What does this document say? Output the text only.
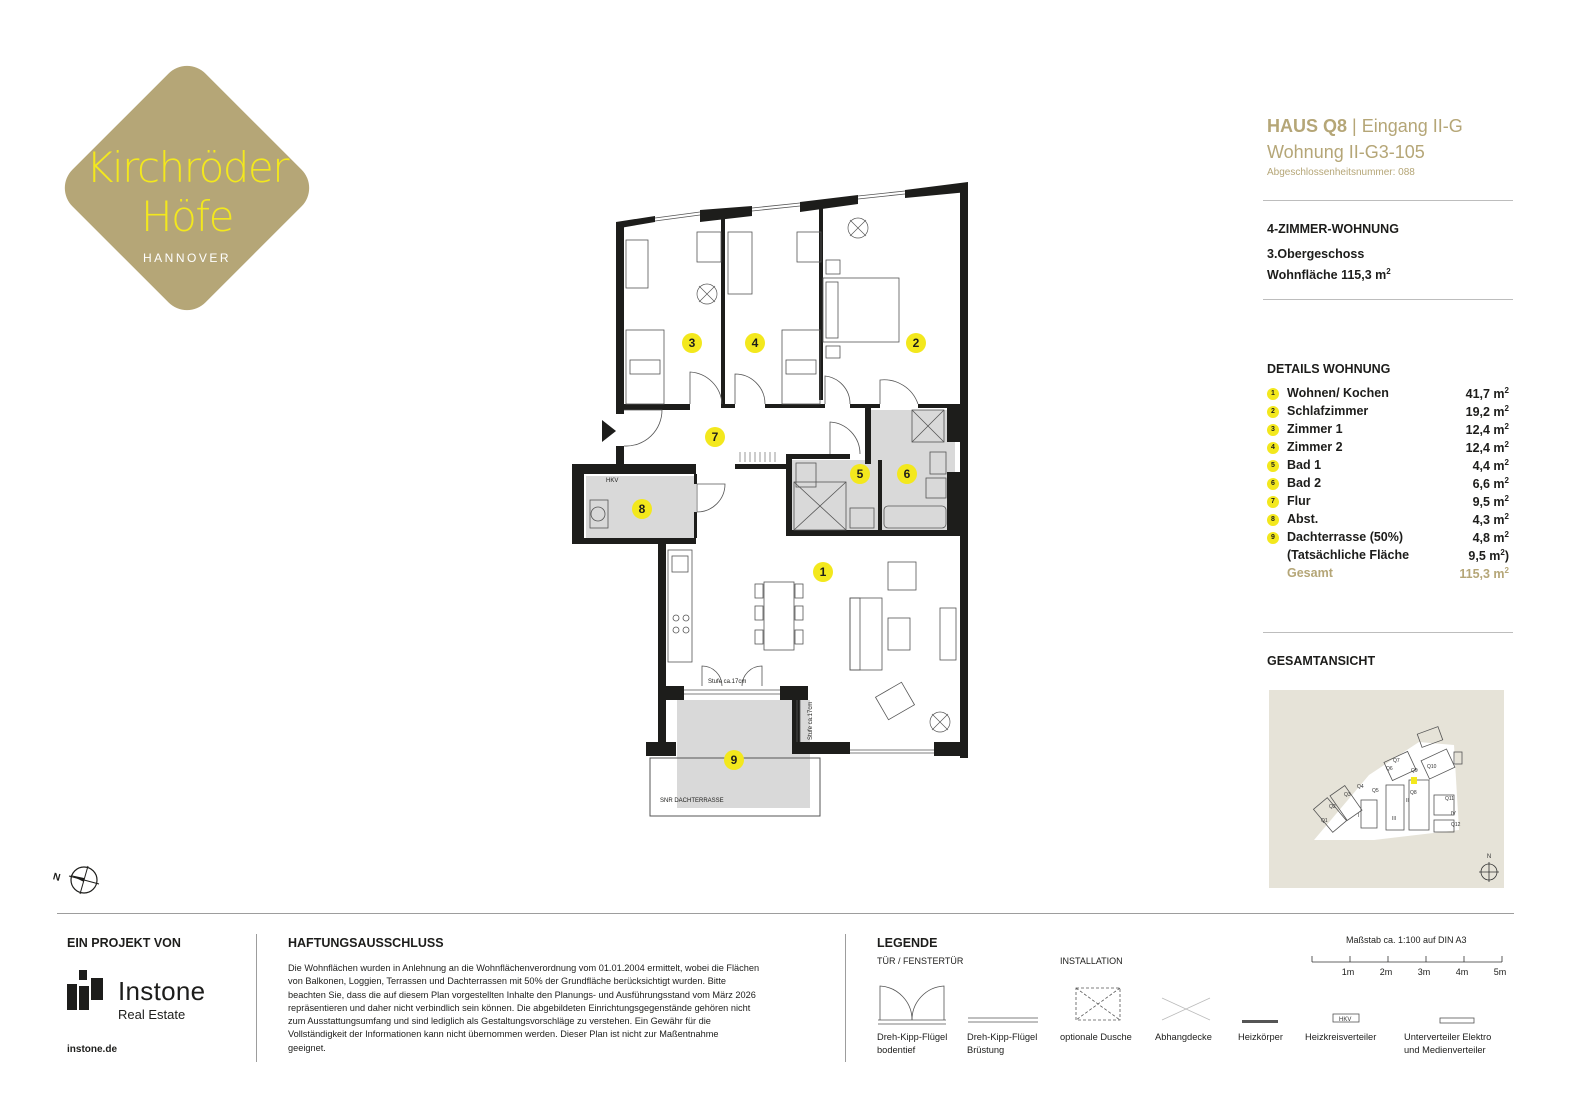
Kirchröder
Höfe
HANNOVER
HAUS Q8 | Eingang II-G
Wohnung II-G3-105
Abgeschlossenheitsnummer: 088
4-ZIMMER-WOHNUNG
3.Obergeschoss
Wohnfläche 115,3 $m^2$
DETAILS WOHNUNG
1 Wohnen/ Kochen	41,7 $m^2$
2 Schlafzimmer	19,2 $m^2$
3 Zimmer 1	12,4 $m^2$
4 Zimmer 2	12,4 $m^2$
5 Bad 1	4,4 $m^2$
6 Bad 2	6,6 $m^2$
7 Flur	9,5 $m^2$
8 Abst.	4,3 $m^2$
9 Dachterrasse (50%)	4,8 $m^2$
(Tatsächliche Fläche	9,5 $m^2$)
Gesamt	115,3 $m^2$
GESAMTANSICHT
Q1
Q2
Q3
Q4
Q5
Q6
Q7
Q8
Q9
Q10
Q11
Q12
I
II
III
IV
N
HKV
Stufe ca.17cm
Stufe ca.17cm
SNR DACHTERRASSE
1
2
3	4
5	6
7
8
9
N
EIN PROJEKT VON
Instone
Real Estate
instone.de
HAFTUNGSAUSSCHLUSS
Die Wohnflächen wurden in Anlehnung an die Wohnflächenverordnung vom 01.01.2004 ermittelt, wobei die Flächen
von Balkonen, Loggien, Terrassen und Dachterrassen mit 50% der Grundfläche berücksichtigt wurden. Bitte
beachten Sie, dass die auf diesem Plan vorgestellten Inhalte den Planungs- und Ausführungsstand vom März 2026
repräsentieren und daher nicht verbindlich sein können. Die abgebildeten Einrichtungsgegenstände gehören nicht
zum Ausstattungsumfang und sind lediglich als Gestaltungsvorschläge zu verstehen. Ein Gewähr für die
Vollständigkeit der Informationen kann nicht übernommen werden. Dieser Plan ist nicht zur Maßentnahme
geeignet.
LEGENDE
TÜR / FENSTERTÜR	INSTALLATION
HKV
Dreh-Kipp-Flügel
bodentief
Dreh-Kipp-Flügel
Brüstung
optionale Dusche Abhangdecke	Heizkörper Heizkreisverteiler	Unterverteiler Elektro
und Medienverteiler
Maßstab ca. 1:100 auf DIN A3
1m	2m	3m	4m	5m
